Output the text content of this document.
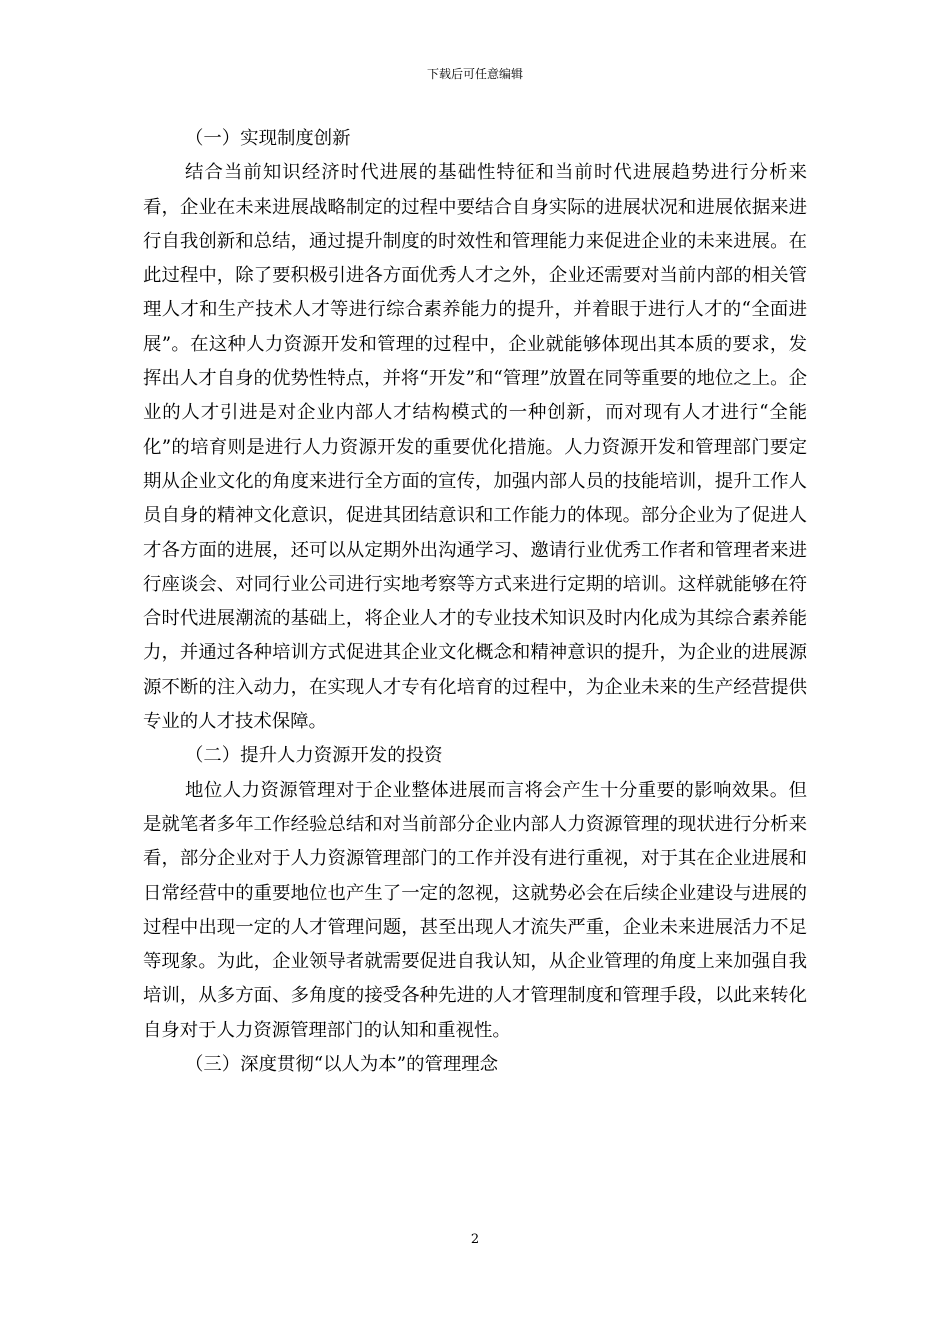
下载后可任意编辑

（一）实现制度创新

结合当前知识经济时代进展的基础性特征和当前时代进展趋势进行分析来看，企业在未来进展战略制定的过程中要结合自身实际的进展状况和进展依据来进行自我创新和总结，通过提升制度的时效性和管理能力来促进企业的未来进展。在此过程中，除了要积极引进各方面优秀人才之外，企业还需要对当前内部的相关管理人才和生产技术人才等进行综合素养能力的提升，并着眼于进行人才的“全面进展”。在这种人力资源开发和管理的过程中，企业就能够体现出其本质的要求，发挥出人才自身的优势性特点，并将“开发”和“管理”放置在同等重要的地位之上。企业的人才引进是对企业内部人才结构模式的一种创新，而对现有人才进行“全能化”的培育则是进行人力资源开发的重要优化措施。人力资源开发和管理部门要定期从企业文化的角度来进行全方面的宣传，加强内部人员的技能培训，提升工作人员自身的精神文化意识，促进其团结意识和工作能力的体现。部分企业为了促进人才各方面的进展，还可以从定期外出沟通学习、邀请行业优秀工作者和管理者来进行座谈会、对同行业公司进行实地考察等方式来进行定期的培训。这样就能够在符合时代进展潮流的基础上，将企业人才的专业技术知识及时内化成为其综合素养能力，并通过各种培训方式促进其企业文化概念和精神意识的提升，为企业的进展源源不断的注入动力，在实现人才专有化培育的过程中，为企业未来的生产经营提供专业的人才技术保障。

（二）提升人力资源开发的投资

地位人力资源管理对于企业整体进展而言将会产生十分重要的影响效果。但是就笔者多年工作经验总结和对当前部分企业内部人力资源管理的现状进行分析来看，部分企业对于人力资源管理部门的工作并没有进行重视，对于其在企业进展和日常经营中的重要地位也产生了一定的忽视，这就势必会在后续企业建设与进展的过程中出现一定的人才管理问题，甚至出现人才流失严重，企业未来进展活力不足等现象。为此，企业领导者就需要促进自我认知，从企业管理的角度上来加强自我培训，从多方面、多角度的接受各种先进的人才管理制度和管理手段，以此来转化自身对于人力资源管理部门的认知和重视性。

（三）深度贯彻“以人为本”的管理理念

2
